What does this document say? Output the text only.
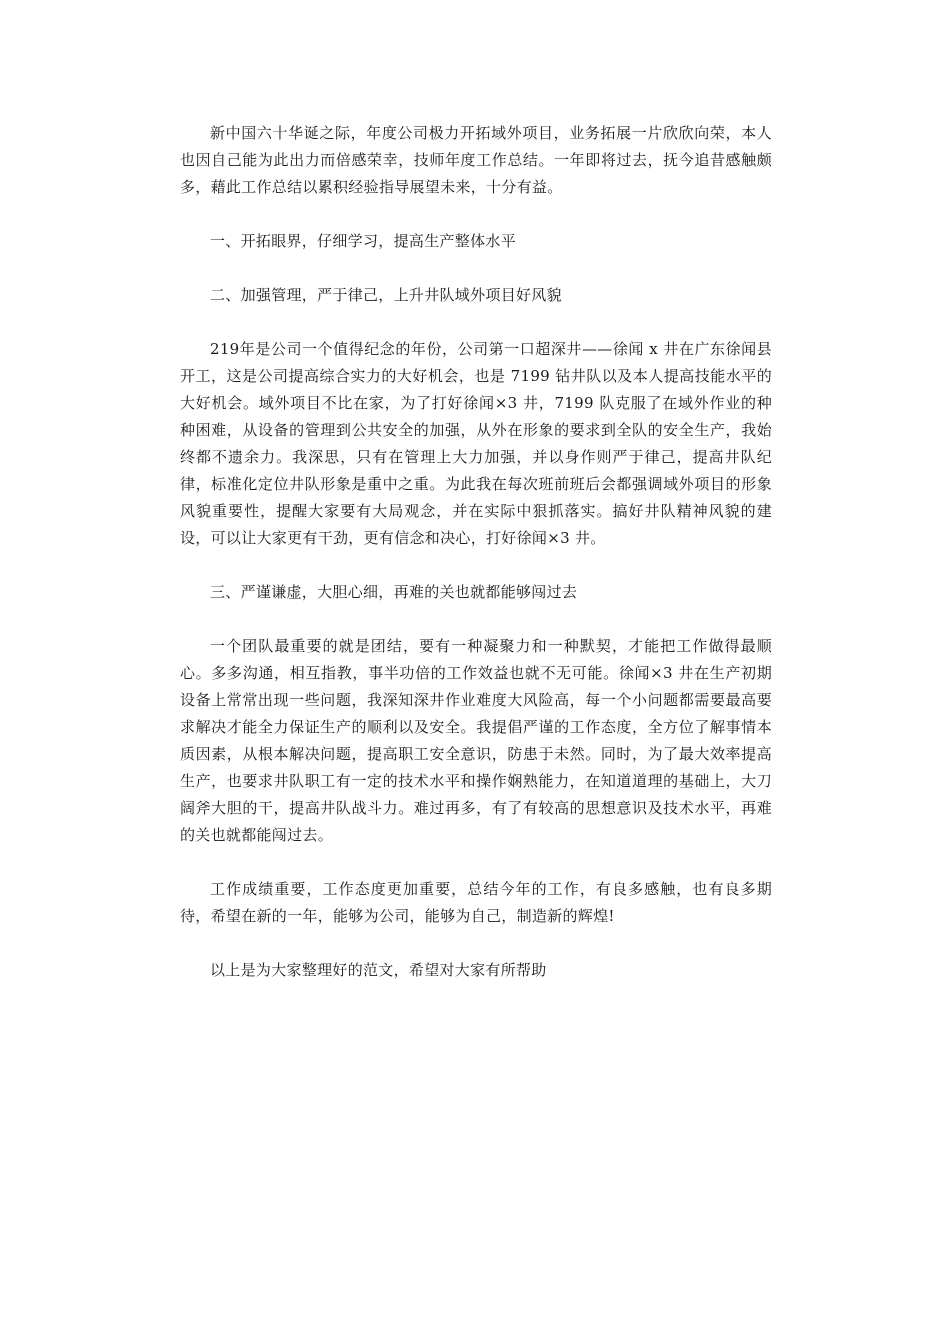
新中国六十华诞之际，年度公司极力开拓域外项目，业务拓展一片欣欣向荣，本人也因自己能为此出力而倍感荣幸，技师年度工作总结。一年即将过去，抚今追昔感触颇多，藉此工作总结以累积经验指导展望未来，十分有益。

一、开拓眼界，仔细学习，提高生产整体水平

二、加强管理，严于律己，上升井队域外项目好风貌

219年是公司一个值得纪念的年份，公司第一口超深井——徐闻 x 井在广东徐闻县开工，这是公司提高综合实力的大好机会，也是 7199 钻井队以及本人提高技能水平的大好机会。域外项目不比在家，为了打好徐闻×3 井，7199 队克服了在域外作业的种种困难，从设备的管理到公共安全的加强，从外在形象的要求到全队的安全生产，我始终都不遗余力。我深思，只有在管理上大力加强，并以身作则严于律己，提高井队纪律，标准化定位井队形象是重中之重。为此我在每次班前班后会都强调域外项目的形象风貌重要性，提醒大家要有大局观念，并在实际中狠抓落实。搞好井队精神风貌的建设，可以让大家更有干劲，更有信念和决心，打好徐闻×3 井。

三、严谨谦虚，大胆心细，再难的关也就都能够闯过去

一个团队最重要的就是团结，要有一种凝聚力和一种默契，才能把工作做得最顺心。多多沟通，相互指教，事半功倍的工作效益也就不无可能。徐闻×3 井在生产初期设备上常常出现一些问题，我深知深井作业难度大风险高，每一个小问题都需要最高要求解决才能全力保证生产的顺利以及安全。我提倡严谨的工作态度，全方位了解事情本质因素，从根本解决问题，提高职工安全意识，防患于未然。同时，为了最大效率提高生产，也要求井队职工有一定的技术水平和操作娴熟能力，在知道道理的基础上，大刀阔斧大胆的干，提高井队战斗力。难过再多，有了有较高的思想意识及技术水平，再难的关也就都能闯过去。

工作成绩重要，工作态度更加重要，总结今年的工作，有良多感触，也有良多期待，希望在新的一年，能够为公司，能够为自己，制造新的辉煌!

以上是为大家整理好的范文，希望对大家有所帮助
